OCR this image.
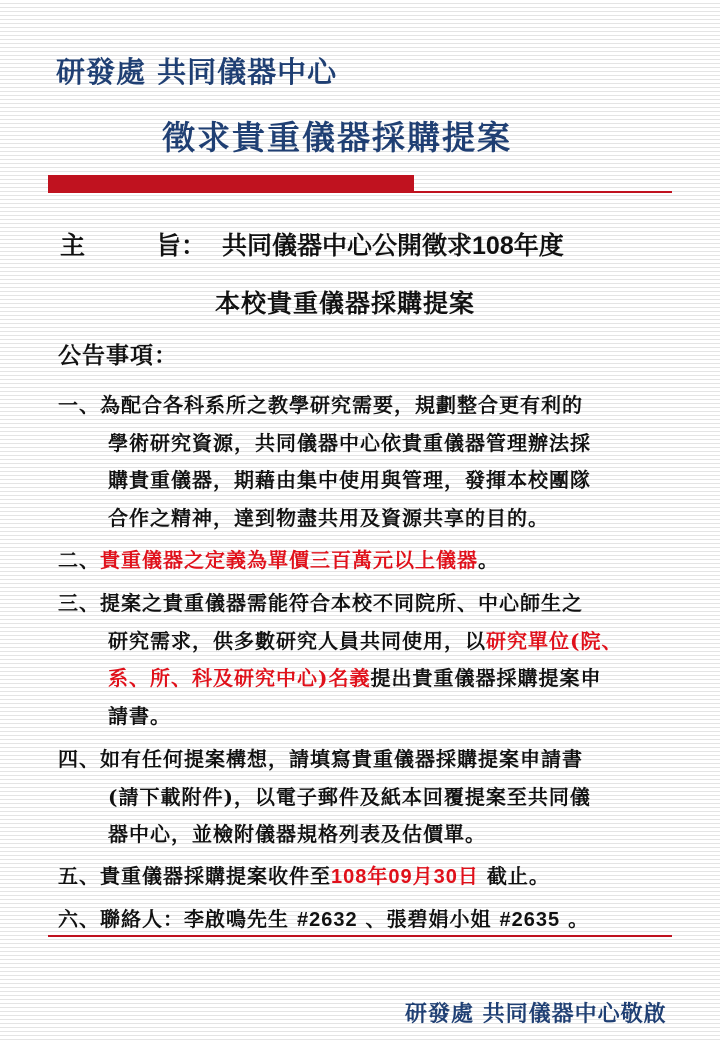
研發處 共同儀器中心
徵求貴重儀器採購提案
主	旨： 共同儀器中心公開徵求108年度
本校貴重儀器採購提案
公告事項：
一、為配合各科系所之教學研究需要，規劃整合更有利的
學術研究資源，共同儀器中心依貴重儀器管理辦法採
購貴重儀器，期藉由集中使用與管理，發揮本校團隊
合作之精神，達到物盡共用及資源共享的目的。
二、貴重儀器之定義為單價三百萬元以上儀器。
三、提案之貴重儀器需能符合本校不同院所、中心師生之
研究需求，供多數研究人員共同使用，以研究單位(院、
系、所、科及研究中心)名義提出貴重儀器採購提案申
請書。
四、如有任何提案構想，請填寫貴重儀器採購提案申請書
(請下載附件)，以電子郵件及紙本回覆提案至共同儀
器中心，並檢附儀器規格列表及估價單。
五、貴重儀器採購提案收件至108年09月30日 截止。
六、聯絡人：李啟鳴先生 #2632 、張碧娟小姐 #2635 。
研發處 共同儀器中心敬啟
